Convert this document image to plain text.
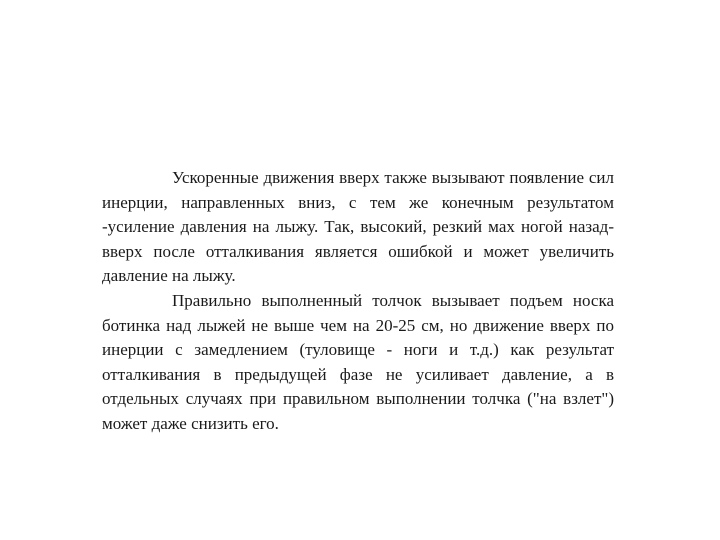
Ускоренные движения вверх также вызывают появление сил инерции, направленных вниз, с тем же конечным результатом -усиление давления на лыжу. Так, высокий, резкий мах ногой назад-вверх после отталкивания является ошибкой и может увеличить давление на лыжу.

Правильно выполненный толчок вызывает подъем носка ботинка над лыжей не выше чем на 20-25 см, но движение вверх по инерции с замедлением (туловище - ноги и т.д.) как результат отталкивания в предыдущей фазе не усиливает давление, а в отдельных случаях при правильном выполнении толчка ("на взлет") может даже снизить его.
